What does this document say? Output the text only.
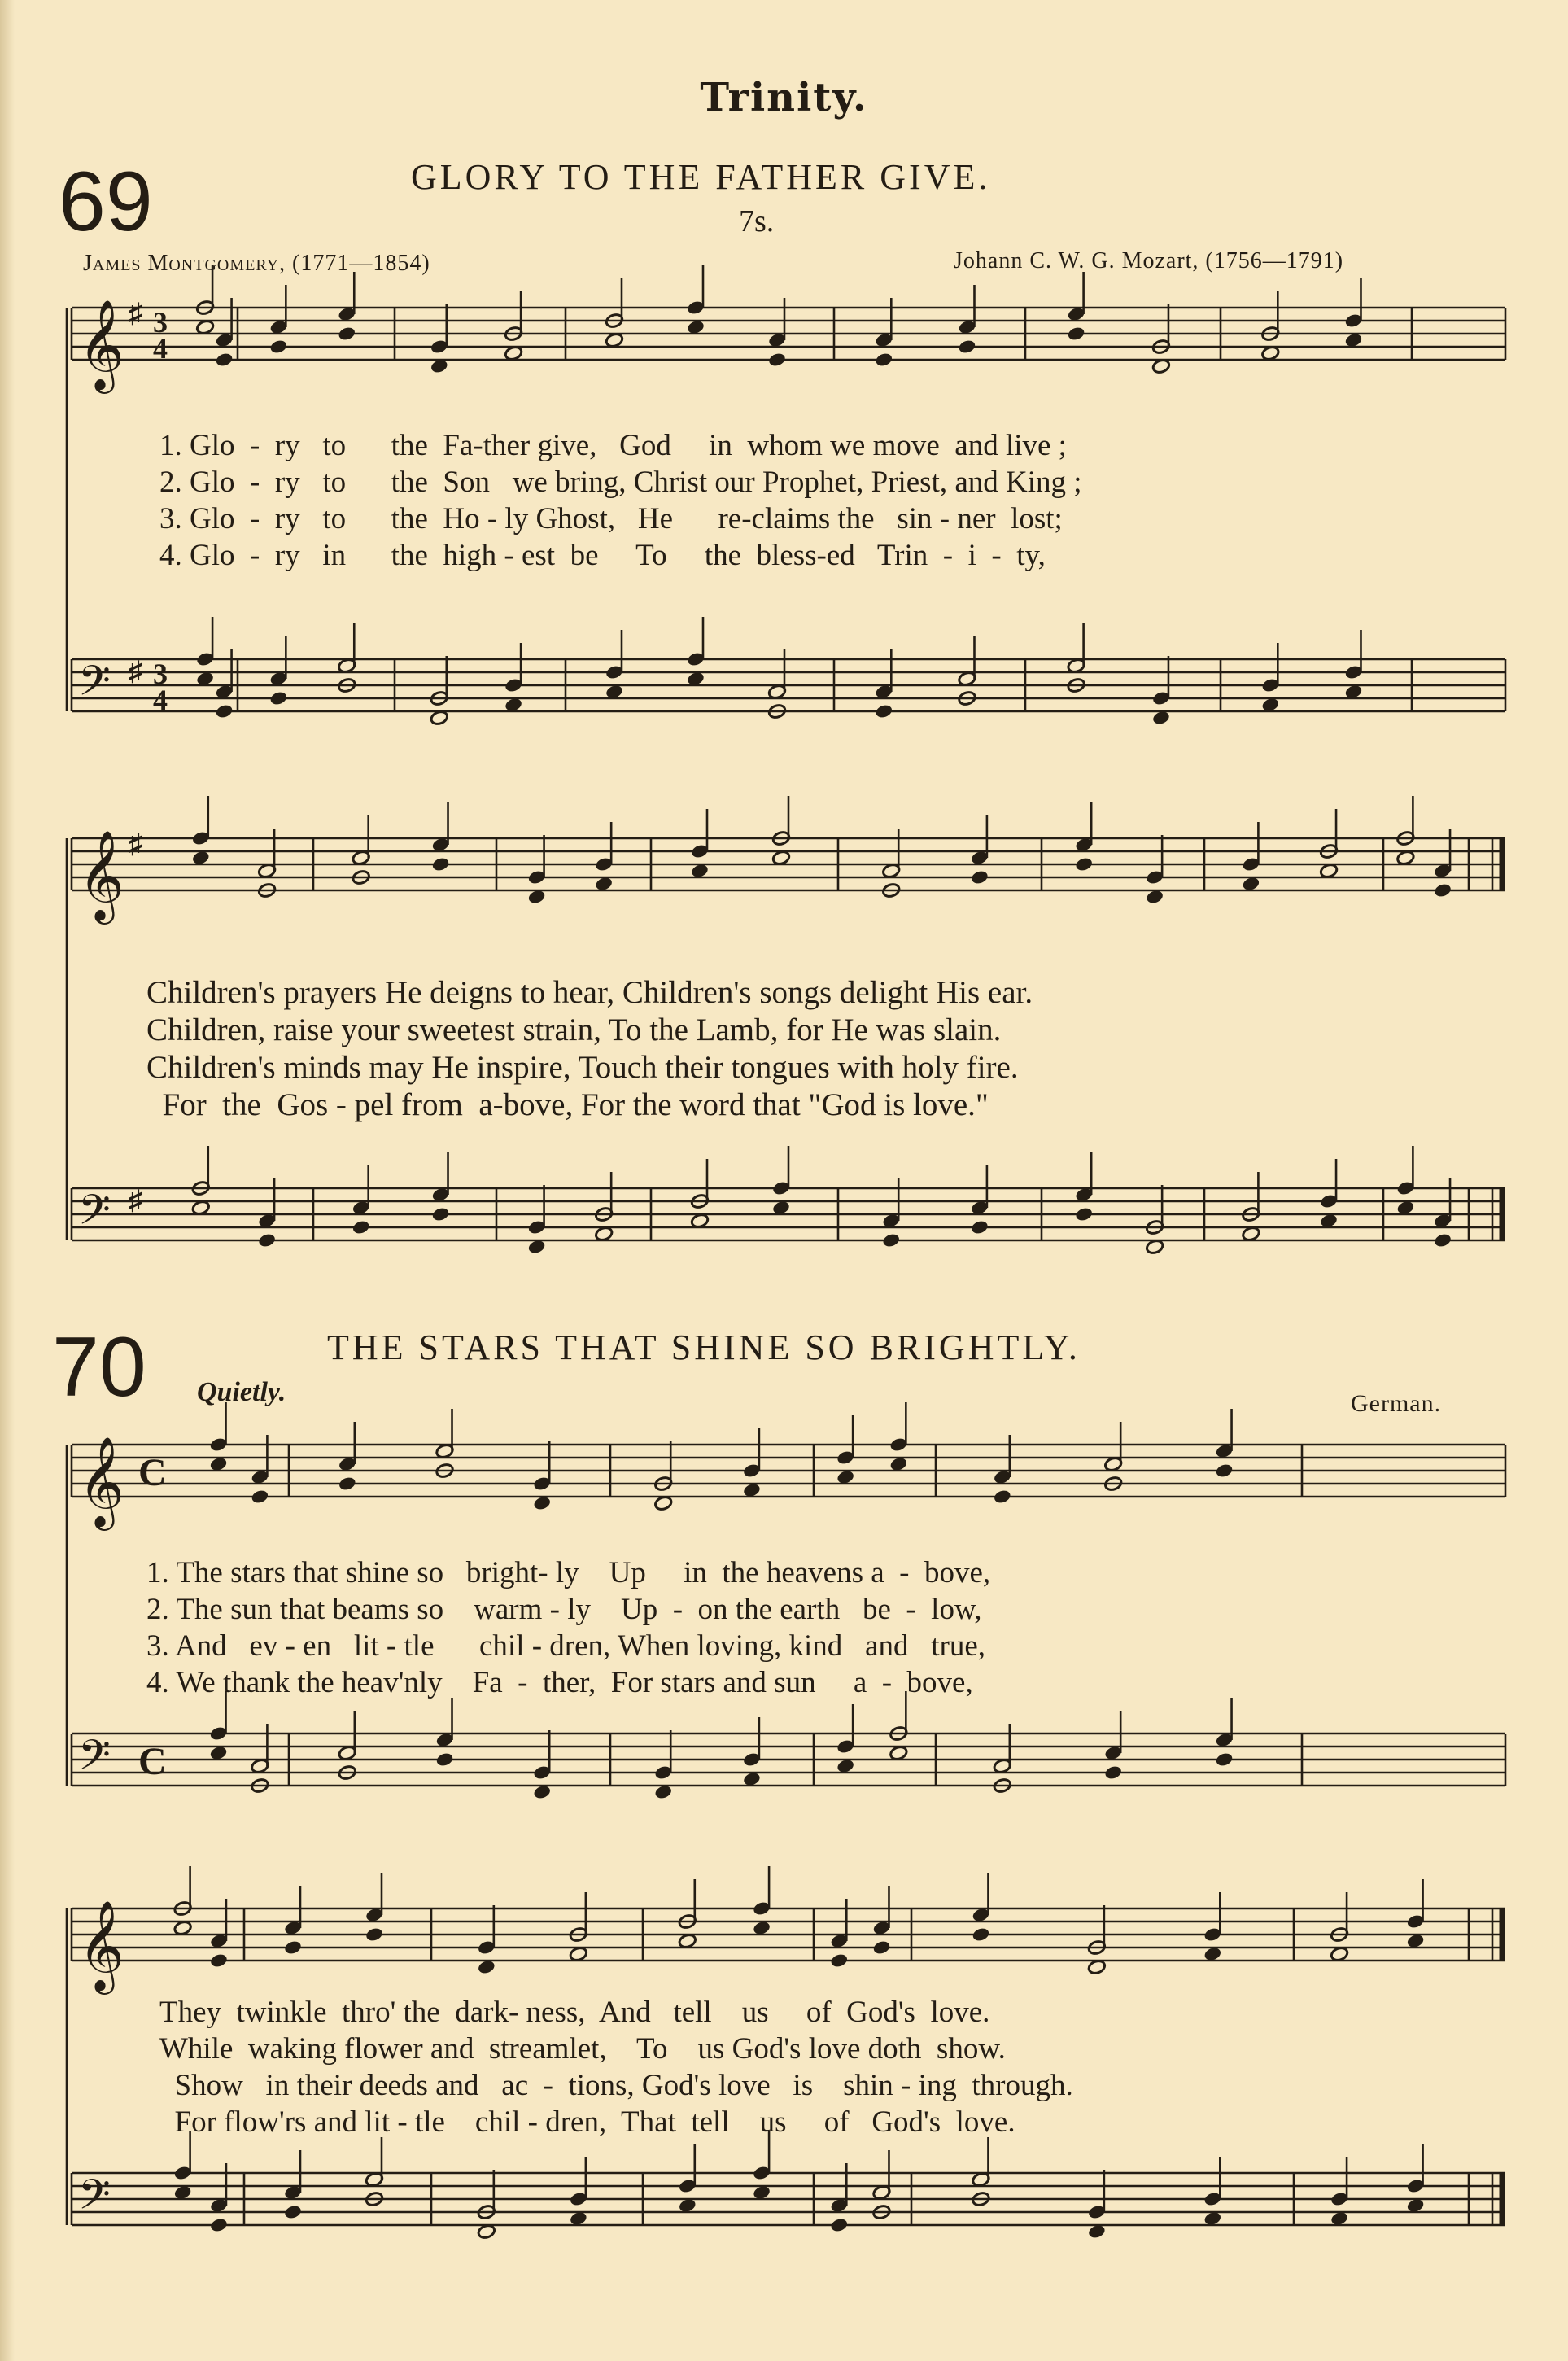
Trinity.
69	GLORY TO THE FATHER GIVE.
7s.
James Montgomery, (1771—1854)	Johann C. W. G. Mozart, (1756—1791)
1. Glo  -  ry   to      the  Fa-ther give,   God     in  whom we move  and live ;
2. Glo  -  ry   to      the  Son   we bring, Christ our Prophet, Priest, and King ;
3. Glo  -  ry   to      the  Ho - ly Ghost,   He      re-claims the   sin - ner  lost;
4. Glo  -  ry   in      the  high - est  be     To     the  bless-ed   Trin  -  i  -  ty,
Children's prayers He deigns to hear, Children's songs delight His ear.
Children, raise your sweetest strain, To the Lamb, for He was slain.
Children's minds may He inspire, Touch their tongues with holy fire.
For  the  Gos - pel from  a-bove, For the word that "God is love."
70	THE STARS THAT SHINE SO BRIGHTLY.
Quietly.	German.
1. The stars that shine so   bright- ly    Up     in  the heavens a  -  bove,
2. The sun that beams so    warm - ly    Up  -  on the earth   be  -  low,
3. And   ev - en   lit - tle      chil - dren, When loving, kind   and   true,
4. We thank the heav'nly    Fa  -  ther,  For stars and sun     a  -  bove,
They  twinkle  thro' the  dark- ness,  And   tell    us     of  God's  love.
While  waking flower and  streamlet,    To    us God's love doth  show.
Show   in their deeds and   ac  -  tions, God's love   is    shin - ing  through.
For flow'rs and lit - tle    chil - dren,  That  tell    us     of   God's  love.
𝄞 ♯ 3
4
𝄢 ♯ 3
4
𝄞 ♯
𝄢 ♯
𝄞 C
𝄢 C
𝄞
𝄢
